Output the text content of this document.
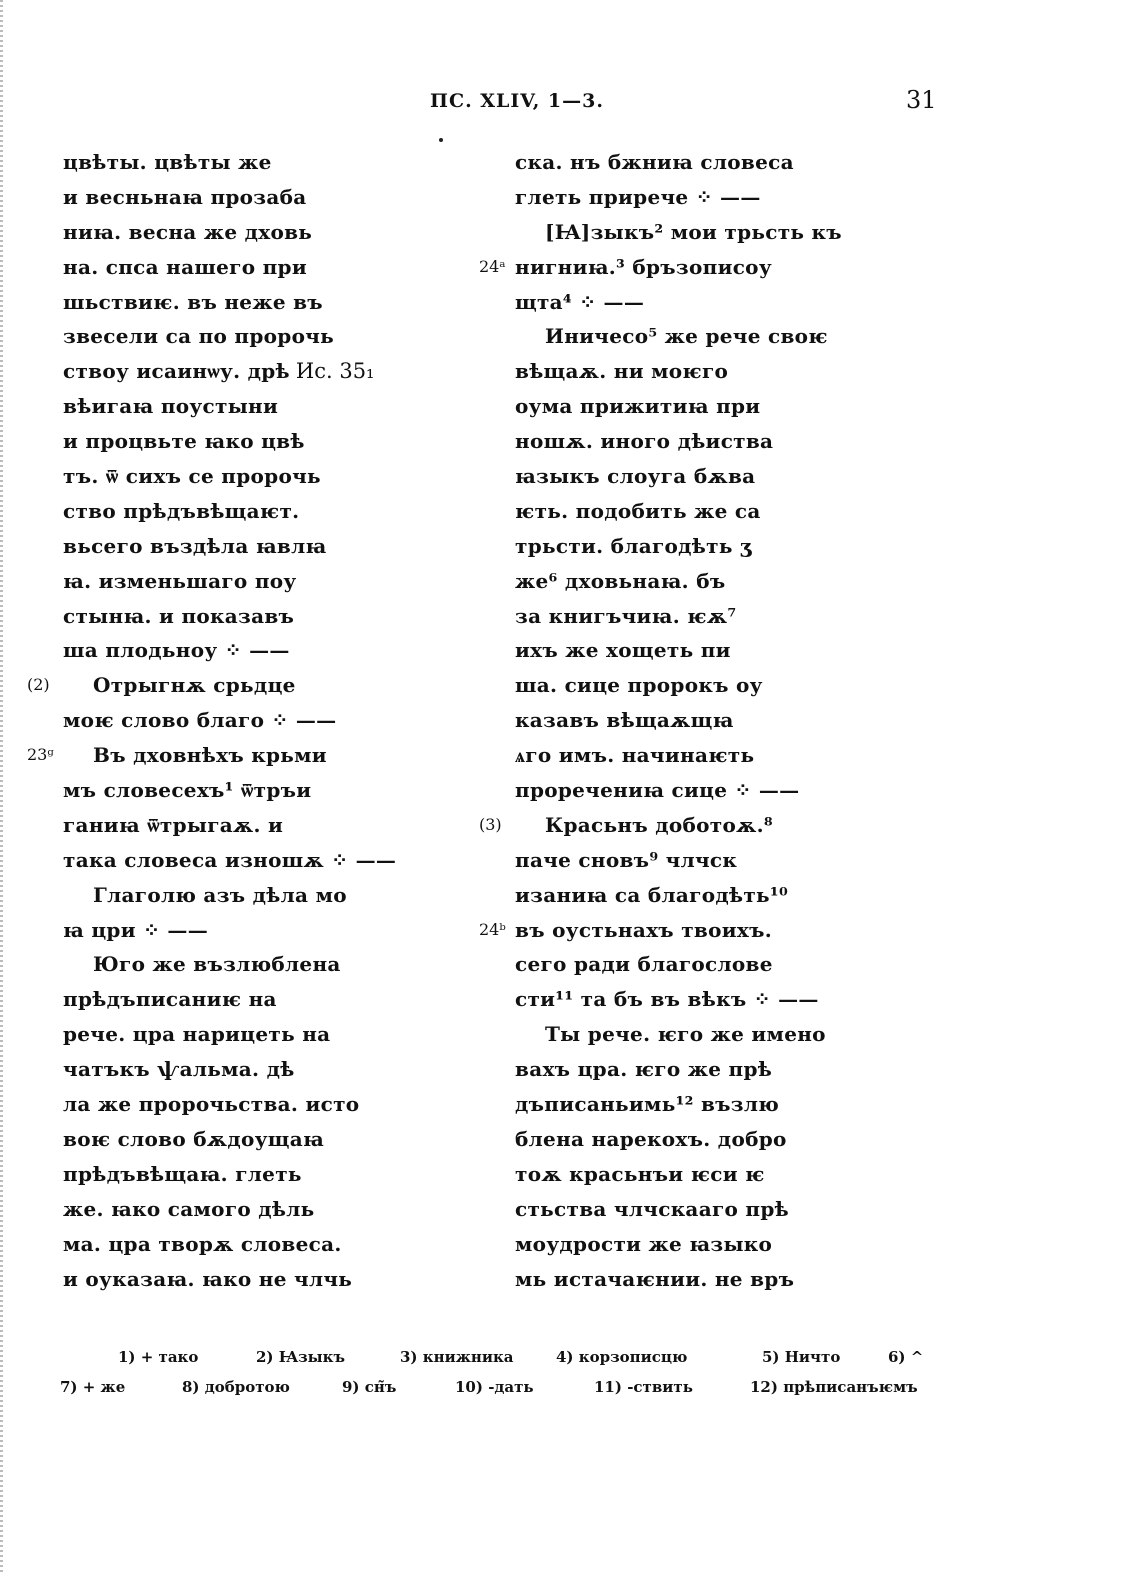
ПС. XLIV, 1—3.	31
цвѣты. цвѣты же
и весньнаꙗ прозаба
ниꙗ. весна же дховь
на. спса нашего при
шьствиѥ. въ неже въ
звесели са по пророчь
ствоу исаинѡу. дрѣ Ис. 35₁
вѣигаꙗ поустыни
и процвьте ꙗко цвѣ
тъ. ѿ сихъ се пророчь
ство прѣдъвѣщаѥт.
вьсего въздѣла ꙗвлꙗ
ꙗ. изменьшаго поу
стынꙗ. и показавъ
ша плодьноу ⁘ ——
(2) Отрыгнѫ срьдце
моѥ слово благо ⁘ ——
23ᵍ Въ дховнѣхъ крьми
мъ словесехъ¹ ѿтръи
ганиꙗ ѿтрыгаѫ. и
така словеса изношѫ ⁘ ——
Глаголю азъ дѣла мо
ꙗ цри ⁘ ——
Юго же възлюблена
прѣдъписаниѥ на
рече. цра нарицеть на
чатъкъ ѱальма. дѣ
ла же пророчьства. исто
воѥ слово бѫдоущаꙗ
прѣдъвѣщаꙗ. глеть
же. ꙗко самого дѣль
ма. цра творѫ словеса.
и оуказаꙗ. ꙗко не члчь
ска. нъ бжниꙗ словеса
глеть прирече ⁘ ——
[Ꙗ]зыкъ² мои трьсть къ
24ᵃ нигниꙗ.³ бръзописоу
щта⁴ ⁘ ——
Иничесо⁵ же рече своѥ
вѣщаѫ. ни моѥго
оума прижитиꙗ при
ношѫ. иного дѣиства
ꙗзыкъ слоуга бѫва
ѥть. подобить же са
трьсти. благодѣть ʒ
же⁶ дховьнаꙗ. бъ
за книгъчиꙗ. ѥѫ⁷
ихъ же хощеть пи
ша. сице пророкъ оу
казавъ вѣщаѫщꙗ
ѧго имъ. начинаѥть
проречениꙗ сице ⁘ ——
(3) Красьнъ доботоѫ.⁸
паче сновъ⁹ члчск
изаниꙗ са благодѣть¹⁰
24ᵇ въ оустьнахъ твоихъ.
сего ради благослове
сти¹¹ та бъ въ вѣкъ ⁘ ——
Ты рече. ѥго же имено
вахъ цра. ѥго же прѣ
дъписаньимь¹² възлю
блена нарекохъ. добро
тоѫ красьнъи ѥси ѥ
стьства члчскааго прѣ
моудрости же ꙗзыко
мь истачаѥнии. не връ
1) + тако	2) Ꙗзыкъ	3) книжника	4) корзописцю	5) Ничто	6) ^
7) + же	8) добротою	9) сн̃ъ	10) -дать	11) -ствить	12) прѣписанъѥмъ
